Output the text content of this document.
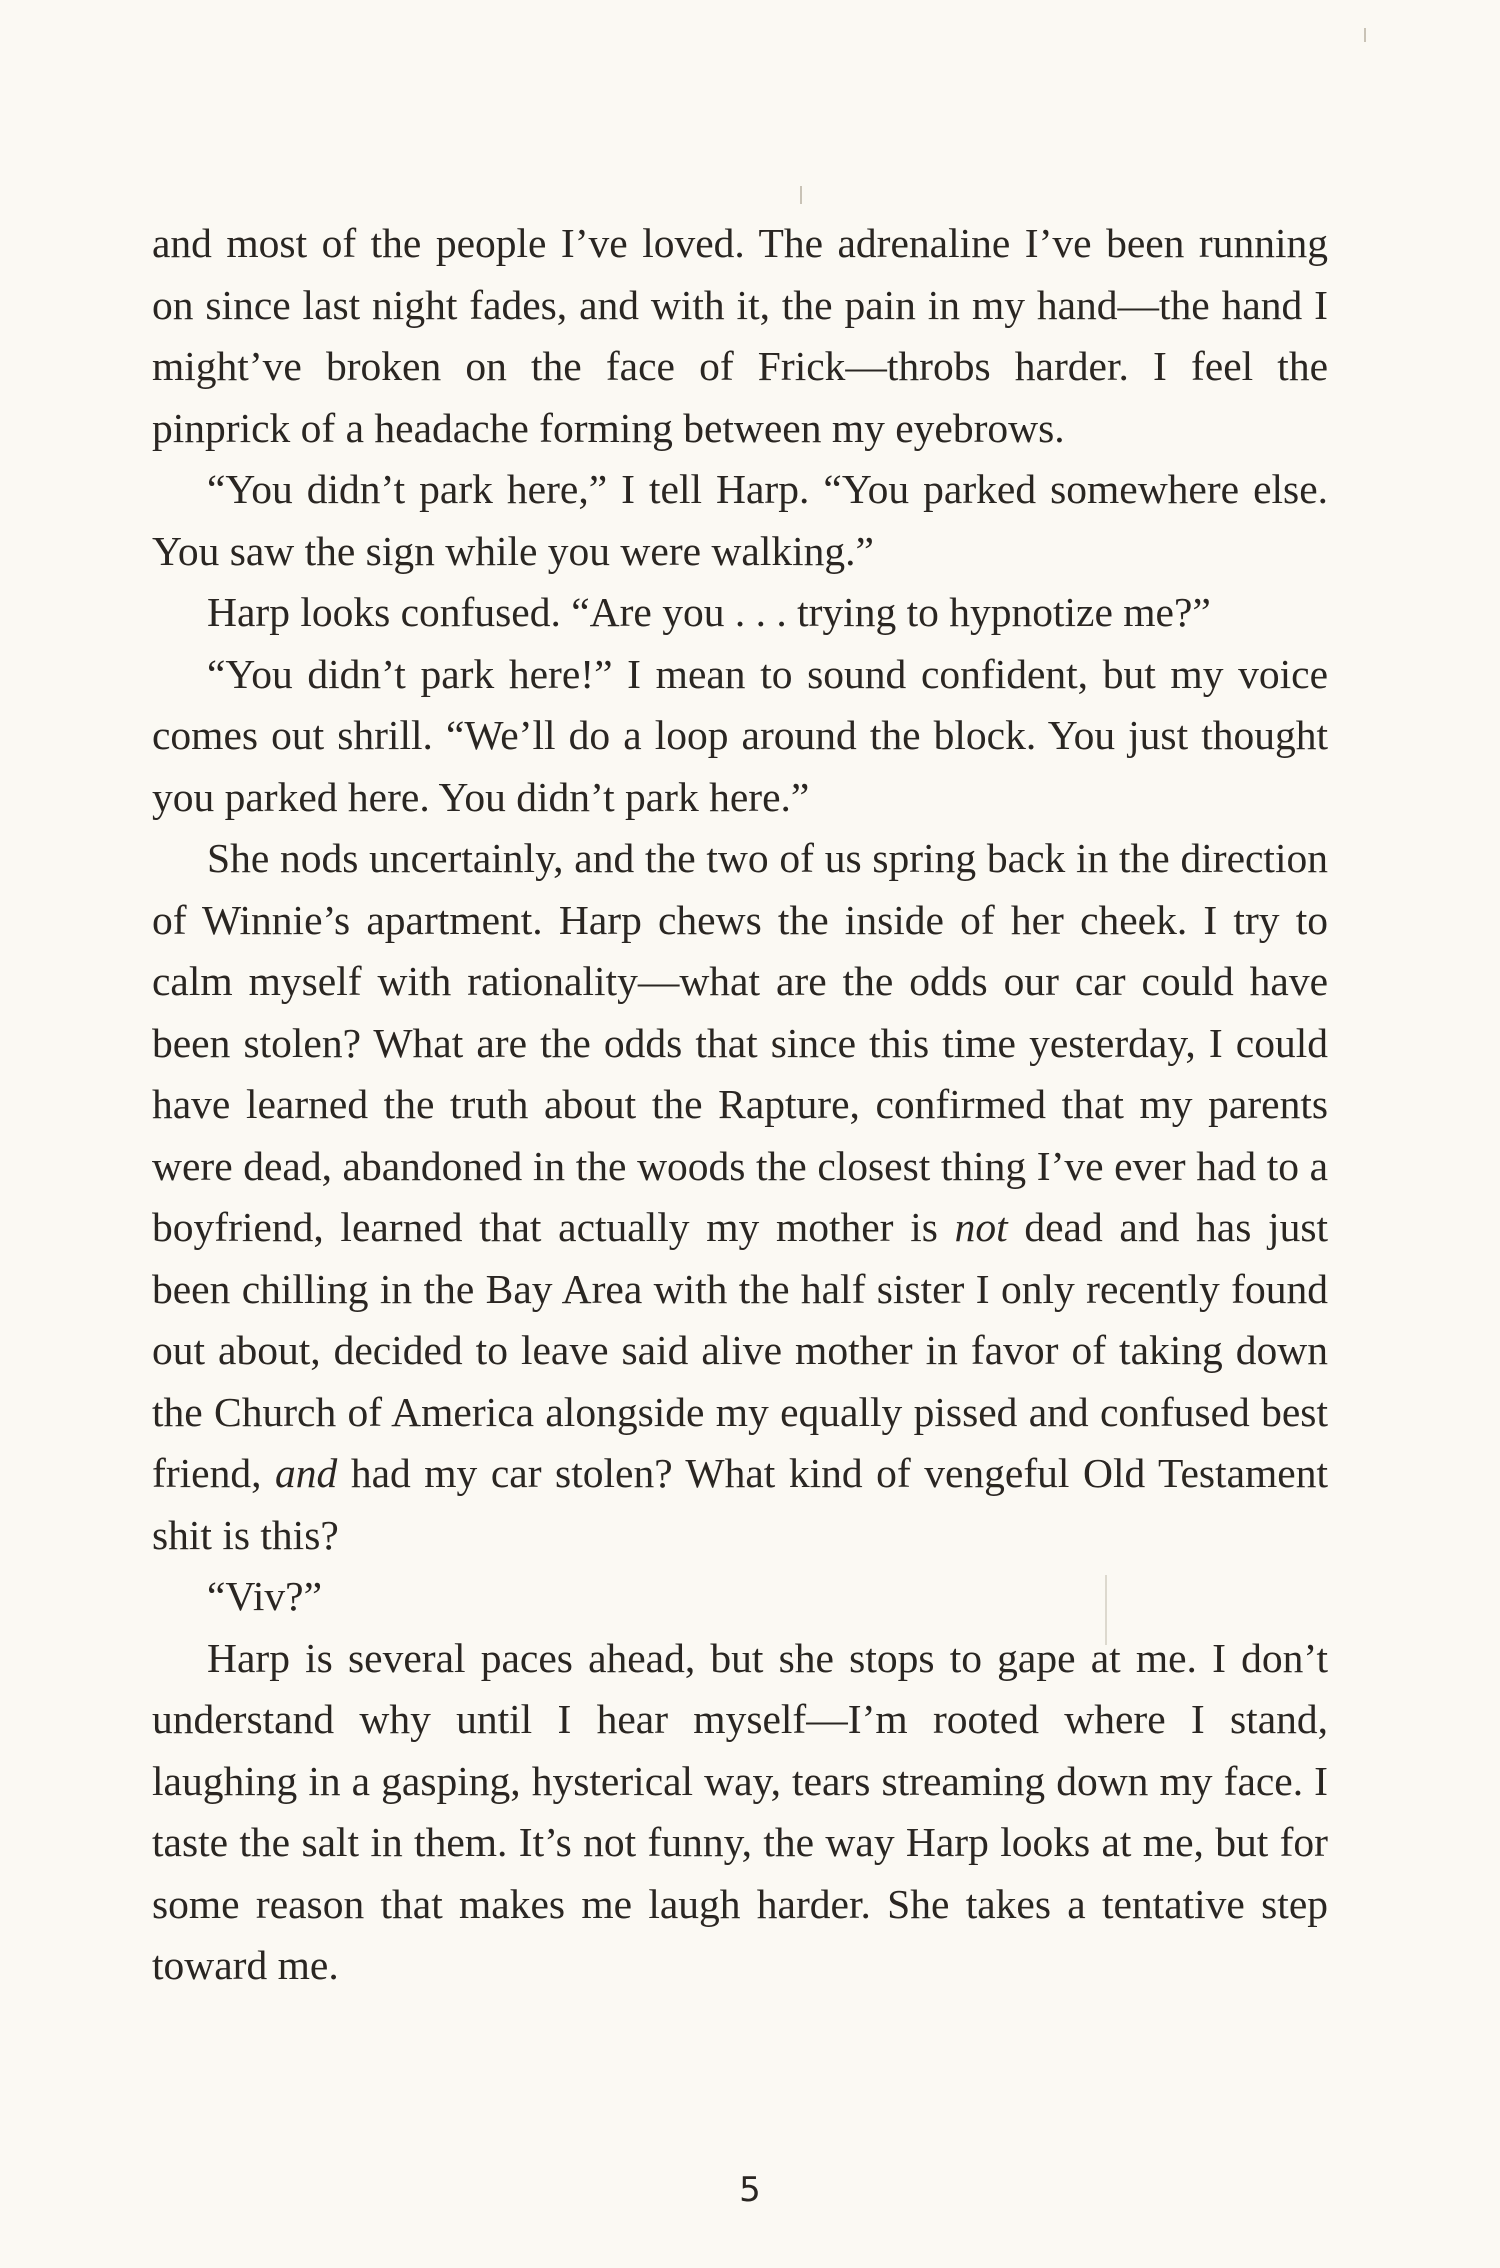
and most of the people I’ve loved. The adrenaline I’ve been running on since last night fades, and with it, the pain in my hand—the hand I might’ve broken on the face of Frick—throbs harder. I feel the pinprick of a headache forming between my eyebrows.

“You didn’t park here,” I tell Harp. “You parked somewhere else. You saw the sign while you were walking.”

Harp looks confused. “Are you . . . trying to hypnotize me?”

“You didn’t park here!” I mean to sound confident, but my voice comes out shrill. “We’ll do a loop around the block. You just thought you parked here. You didn’t park here.”

She nods uncertainly, and the two of us spring back in the direction of Winnie’s apartment. Harp chews the inside of her cheek. I try to calm myself with rationality—what are the odds our car could have been stolen? What are the odds that since this time yesterday, I could have learned the truth about the Rapture, confirmed that my parents were dead, abandoned in the woods the closest thing I’ve ever had to a boyfriend, learned that actually my mother is not dead and has just been chilling in the Bay Area with the half sister I only recently found out about, decided to leave said alive mother in favor of taking down the Church of America alongside my equally pissed and confused best friend, and had my car stolen? What kind of vengeful Old Testament shit is this?

“Viv?”

Harp is several paces ahead, but she stops to gape at me. I don’t understand why until I hear myself—I’m rooted where I stand, laughing in a gasping, hysterical way, tears streaming down my face. I taste the salt in them. It’s not funny, the way Harp looks at me, but for some reason that makes me laugh harder. She takes a tentative step toward me.

5
